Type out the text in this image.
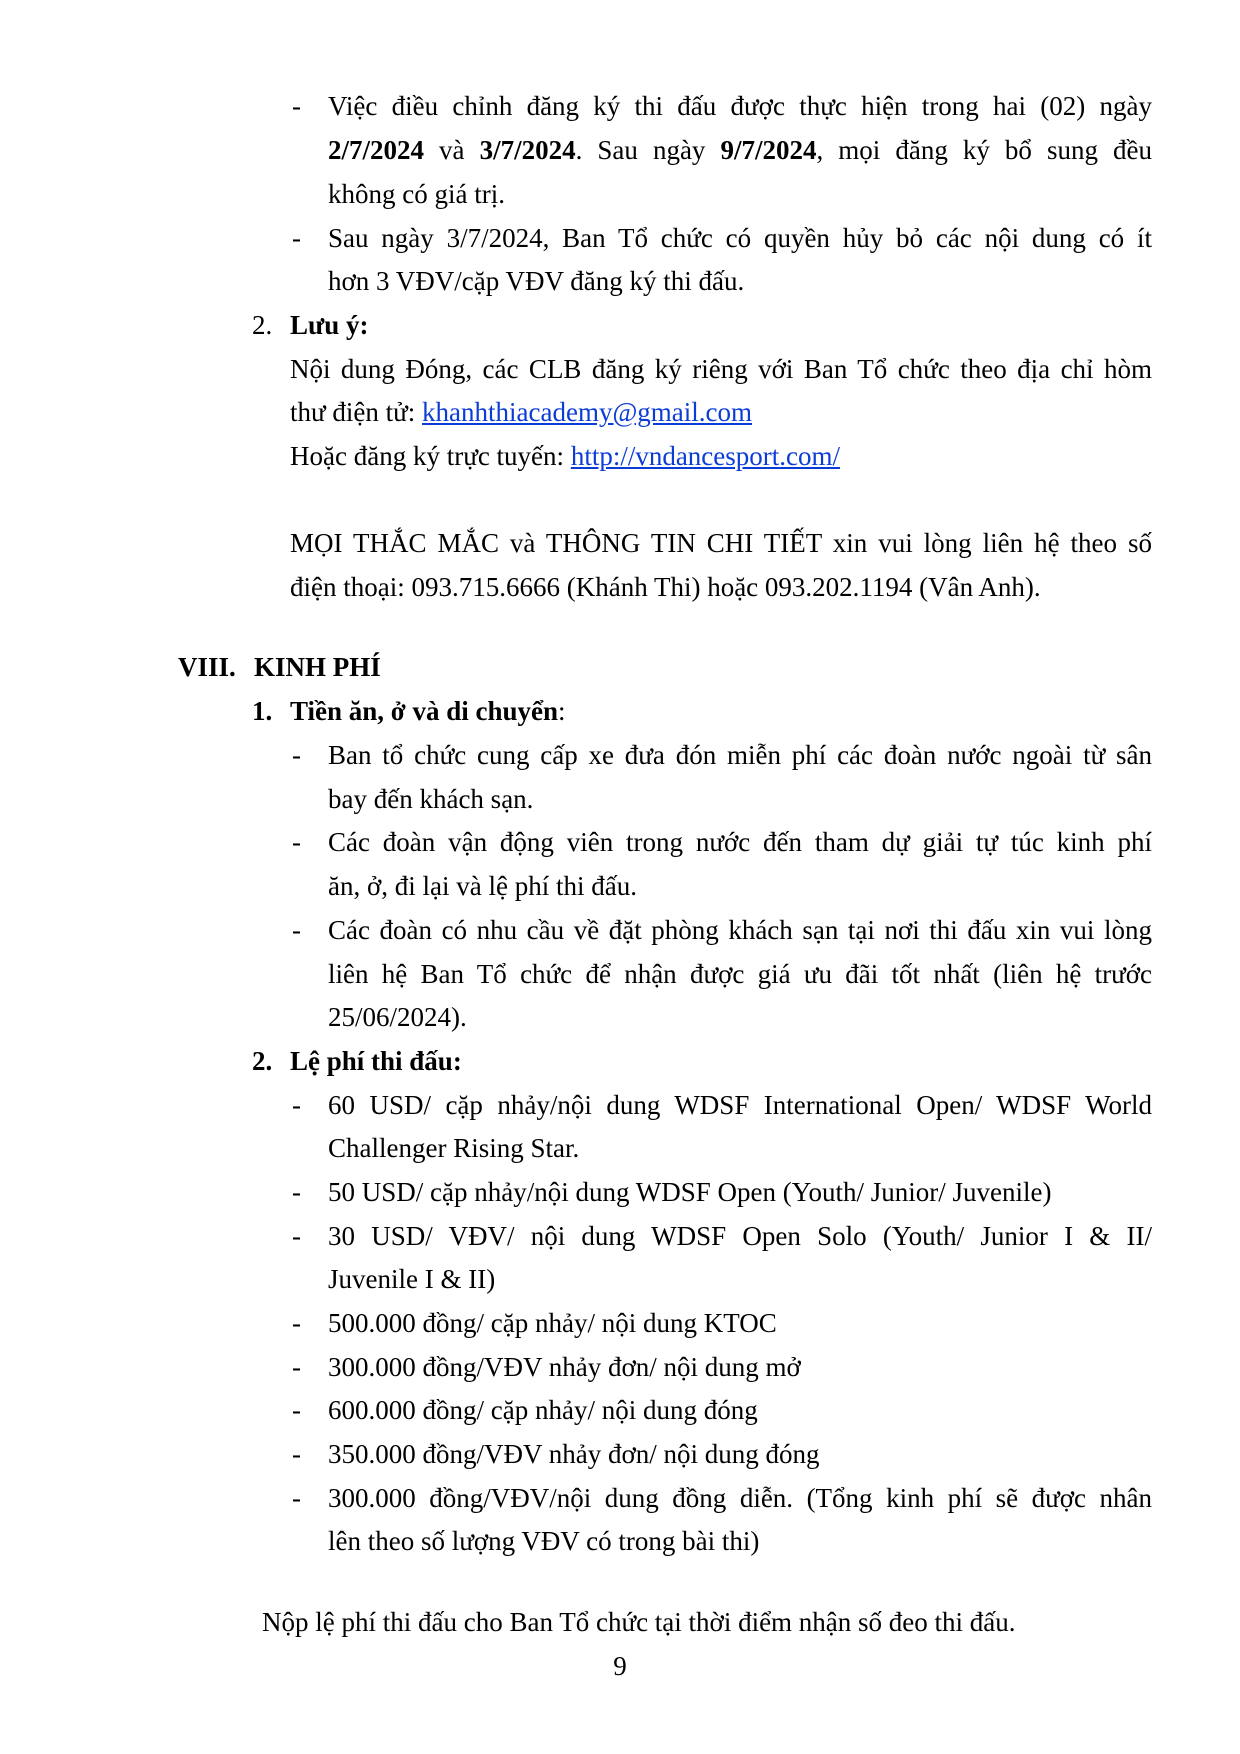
- Việc điều chỉnh đăng ký thi đấu được thực hiện trong hai (02) ngày
2/7/2024 và 3/7/2024. Sau ngày 9/7/2024, mọi đăng ký bổ sung đều
không có giá trị.
- Sau ngày 3/7/2024, Ban Tổ chức có quyền hủy bỏ các nội dung có ít
hơn 3 VĐV/cặp VĐV đăng ký thi đấu.
2. Lưu ý:
Nội dung Đóng, các CLB đăng ký riêng với Ban Tổ chức theo địa chỉ hòm
thư điện tử: khanhthiacademy@gmail.com
Hoặc đăng ký trực tuyến: http://vndancesport.com/
MỌI THẮC MẮC và THÔNG TIN CHI TIẾT xin vui lòng liên hệ theo số
điện thoại: 093.715.6666 (Khánh Thi) hoặc 093.202.1194 (Vân Anh).
VIII. KINH PHÍ
1. Tiền ăn, ở và di chuyển:
- Ban tổ chức cung cấp xe đưa đón miễn phí các đoàn nước ngoài từ sân
bay đến khách sạn.
- Các đoàn vận động viên trong nước đến tham dự giải tự túc kinh phí
ăn, ở, đi lại và lệ phí thi đấu.
- Các đoàn có nhu cầu về đặt phòng khách sạn tại nơi thi đấu xin vui lòng
liên hệ Ban Tổ chức để nhận được giá ưu đãi tốt nhất (liên hệ trước
25/06/2024).
2. Lệ phí thi đấu:
- 60 USD/ cặp nhảy/nội dung WDSF International Open/ WDSF World
Challenger Rising Star.
- 50 USD/ cặp nhảy/nội dung WDSF Open (Youth/ Junior/ Juvenile)
- 30 USD/ VĐV/ nội dung WDSF Open Solo (Youth/ Junior I & II/
Juvenile I & II)
- 500.000 đồng/ cặp nhảy/ nội dung KTOC
- 300.000 đồng/VĐV nhảy đơn/ nội dung mở
- 600.000 đồng/ cặp nhảy/ nội dung đóng
- 350.000 đồng/VĐV nhảy đơn/ nội dung đóng
- 300.000 đồng/VĐV/nội dung đồng diễn. (Tổng kinh phí sẽ được nhân
lên theo số lượng VĐV có trong bài thi)
Nộp lệ phí thi đấu cho Ban Tổ chức tại thời điểm nhận số đeo thi đấu.
9
